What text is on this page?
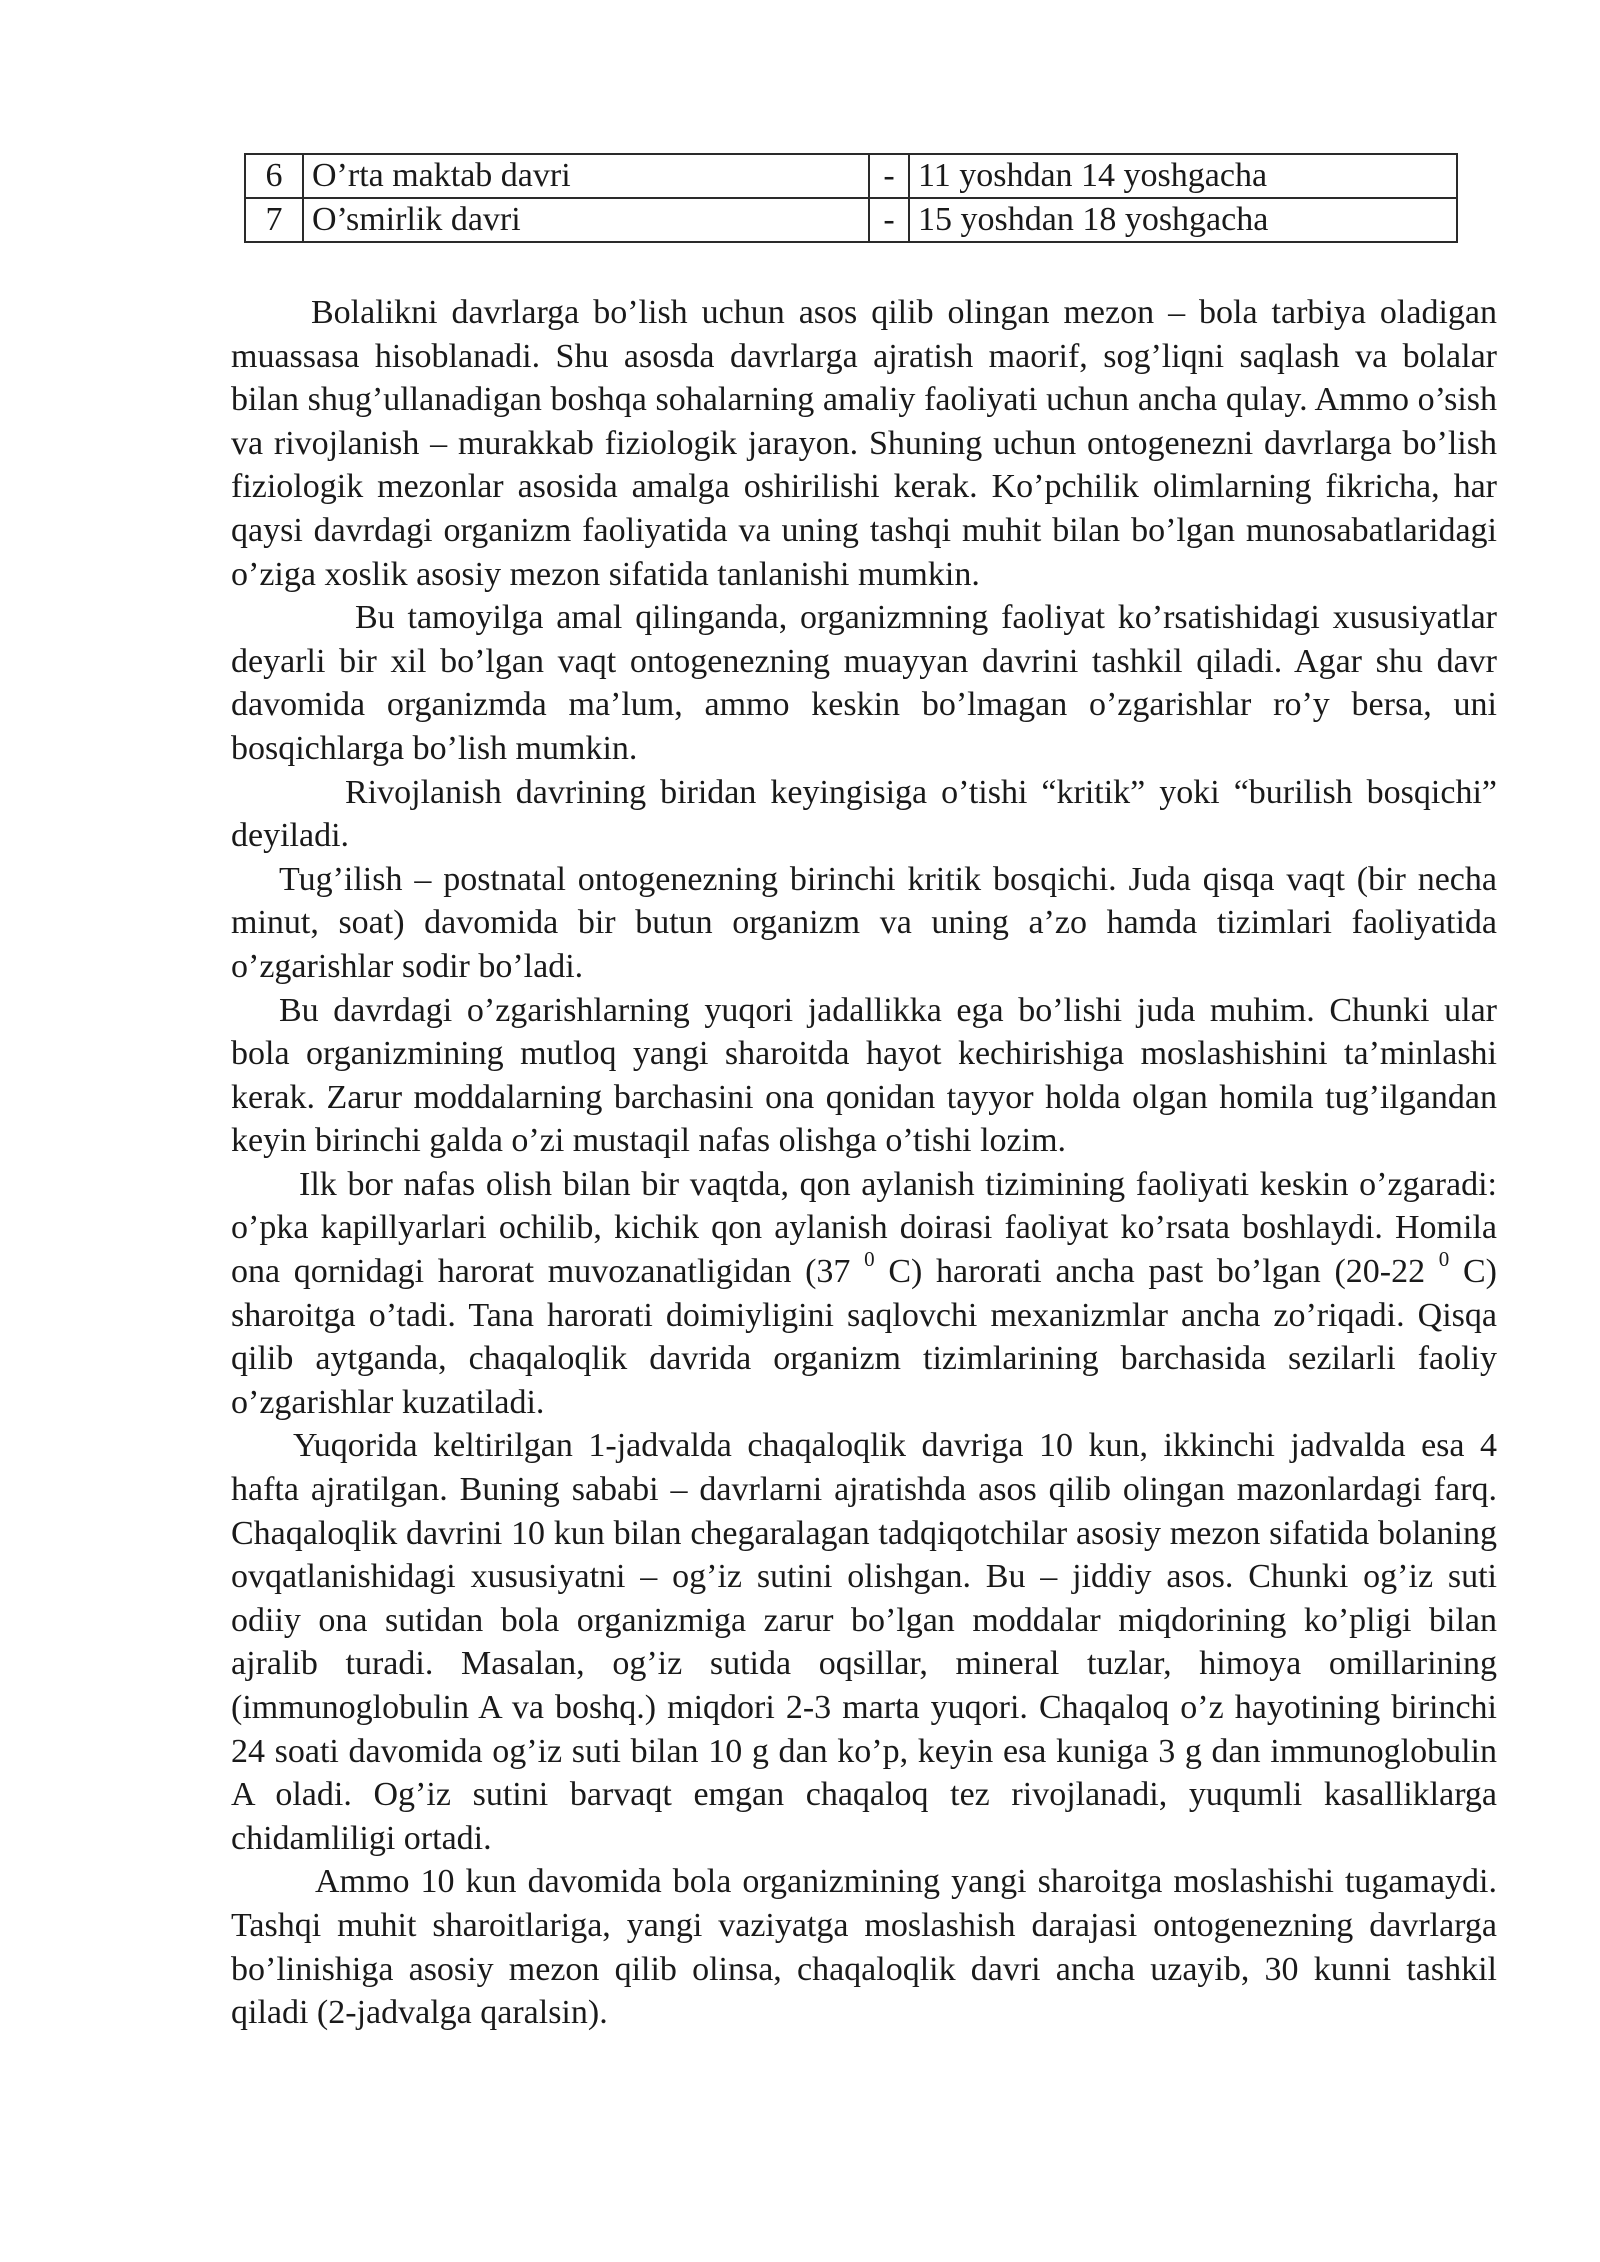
6	O’rta maktab davri	-	11 yoshdan 14 yoshgacha
7	O’smirlik davri	-	15 yoshdan 18 yoshgacha

Bolalikni davrlarga bo’lish uchun asos qilib olingan mezon – bola tarbiya oladigan muassasa hisoblanadi. Shu asosda davrlarga ajratish maorif, sog’liqni saqlash va bolalar bilan shug’ullanadigan boshqa sohalarning amaliy faoliyati uchun ancha qulay. Ammo o’sish va rivojlanish – murakkab fiziologik jarayon. Shuning uchun ontogenezni davrlarga bo’lish fiziologik mezonlar asosida amalga oshirilishi kerak. Ko’pchilik olimlarning fikricha, har qaysi davrdagi organizm faoliyatida va uning tashqi muhit bilan bo’lgan munosabatlaridagi o’ziga xoslik asosiy mezon sifatida tanlanishi mumkin.

Bu tamoyilga amal qilinganda, organizmning faoliyat ko’rsatishidagi xususiyatlar deyarli bir xil bo’lgan vaqt ontogenezning muayyan davrini tashkil qiladi. Agar shu davr davomida organizmda ma’lum, ammo keskin bo’lmagan o’zgarishlar ro’y bersa, uni bosqichlarga bo’lish mumkin.

Rivojlanish davrining biridan keyingisiga o’tishi “kritik” yoki “burilish bosqichi” deyiladi.

Tug’ilish – postnatal ontogenezning birinchi kritik bosqichi. Juda qisqa vaqt (bir necha minut, soat) davomida bir butun organizm va uning a’zo hamda tizimlari faoliyatida o’zgarishlar sodir bo’ladi.

Bu davrdagi o’zgarishlarning yuqori jadallikka ega bo’lishi juda muhim. Chunki ular bola organizmining mutloq yangi sharoitda hayot kechirishiga moslashishini ta’minlashi kerak. Zarur moddalarning barchasini ona qonidan tayyor holda olgan homila tug’ilgandan keyin birinchi galda o’zi mustaqil nafas olishga o’tishi lozim.

Ilk bor nafas olish bilan bir vaqtda, qon aylanish tizimining faoliyati keskin o’zgaradi: o’pka kapillyarlari ochilib, kichik qon aylanish doirasi faoliyat ko’rsata boshlaydi. Homila ona qornidagi harorat muvozanatligidan (37 $^0$ C) harorati ancha past bo’lgan (20-22 $^0$ C) sharoitga o’tadi. Tana harorati doimiyligini saqlovchi mexanizmlar ancha zo’riqadi. Qisqa qilib aytganda, chaqaloqlik davrida organizm tizimlarining barchasida sezilarli faoliy o’zgarishlar kuzatiladi.

Yuqorida keltirilgan 1-jadvalda chaqaloqlik davriga 10 kun, ikkinchi jadvalda esa 4 hafta ajratilgan. Buning sababi – davrlarni ajratishda asos qilib olingan mazonlardagi farq. Chaqaloqlik davrini 10 kun bilan chegaralagan tadqiqotchilar asosiy mezon sifatida bolaning ovqatlanishidagi xususiyatni – og’iz sutini olishgan. Bu – jiddiy asos. Chunki og’iz suti odiiy ona sutidan bola organizmiga zarur bo’lgan moddalar miqdorining ko’pligi bilan ajralib turadi. Masalan, og’iz sutida oqsillar, mineral tuzlar, himoya omillarining (immunoglobulin A va boshq.) miqdori 2-3 marta yuqori. Chaqaloq o’z hayotining birinchi 24 soati davomida og’iz suti bilan 10 g dan ko’p, keyin esa kuniga 3 g dan immunoglobulin A oladi. Og’iz sutini barvaqt emgan chaqaloq tez rivojlanadi, yuqumli kasalliklarga chidamliligi ortadi.

Ammo 10 kun davomida bola organizmining yangi sharoitga moslashishi tugamaydi. Tashqi muhit sharoitlariga, yangi vaziyatga moslashish darajasi ontogenezning davrlarga bo’linishiga asosiy mezon qilib olinsa, chaqaloqlik davri ancha uzayib, 30 kunni tashkil qiladi (2-jadvalga qaralsin).
